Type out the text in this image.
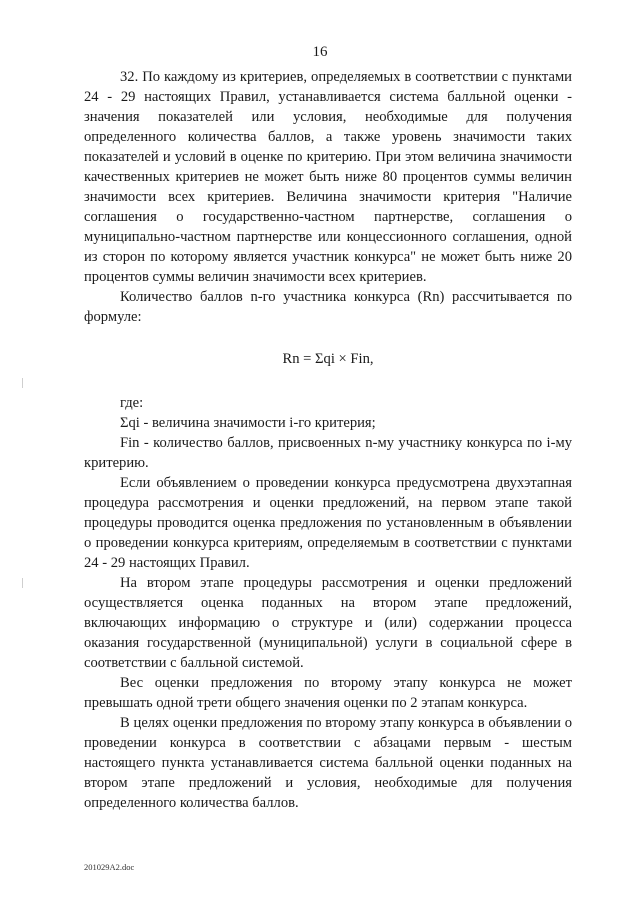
16

32. По каждому из критериев, определяемых в соответствии с пунктами 24 - 29 настоящих Правил, устанавливается система балльной оценки - значения показателей или условия, необходимые для получения определенного количества баллов, а также уровень значимости таких показателей и условий в оценке по критерию. При этом величина значимости качественных критериев не может быть ниже 80 процентов суммы величин значимости всех критериев. Величина значимости критерия "Наличие соглашения о государственно-частном партнерстве, соглашения о муниципально-частном партнерстве или концессионного соглашения, одной из сторон по которому является участник конкурса" не может быть ниже 20 процентов суммы величин значимости всех критериев.

Количество баллов n-го участника конкурса (Rn) рассчитывается по формуле:

Rn = Σqi × Fin,

где:

Σqi - величина значимости i-го критерия;

Fin - количество баллов, присвоенных n-му участнику конкурса по i-му критерию.

Если объявлением о проведении конкурса предусмотрена двухэтапная процедура рассмотрения и оценки предложений, на первом этапе такой процедуры проводится оценка предложения по установленным в объявлении о проведении конкурса критериям, определяемым в соответствии с пунктами 24 - 29 настоящих Правил.

На втором этапе процедуры рассмотрения и оценки предложений осуществляется оценка поданных на втором этапе предложений, включающих информацию о структуре и (или) содержании процесса оказания государственной (муниципальной) услуги в социальной сфере в соответствии с балльной системой.

Вес оценки предложения по второму этапу конкурса не может превышать одной трети общего значения оценки по 2 этапам конкурса.

В целях оценки предложения по второму этапу конкурса в объявлении о проведении конкурса в соответствии с абзацами первым - шестым настоящего пункта устанавливается система балльной оценки поданных на втором этапе предложений и условия, необходимые для получения определенного количества баллов.

201029A2.doc
